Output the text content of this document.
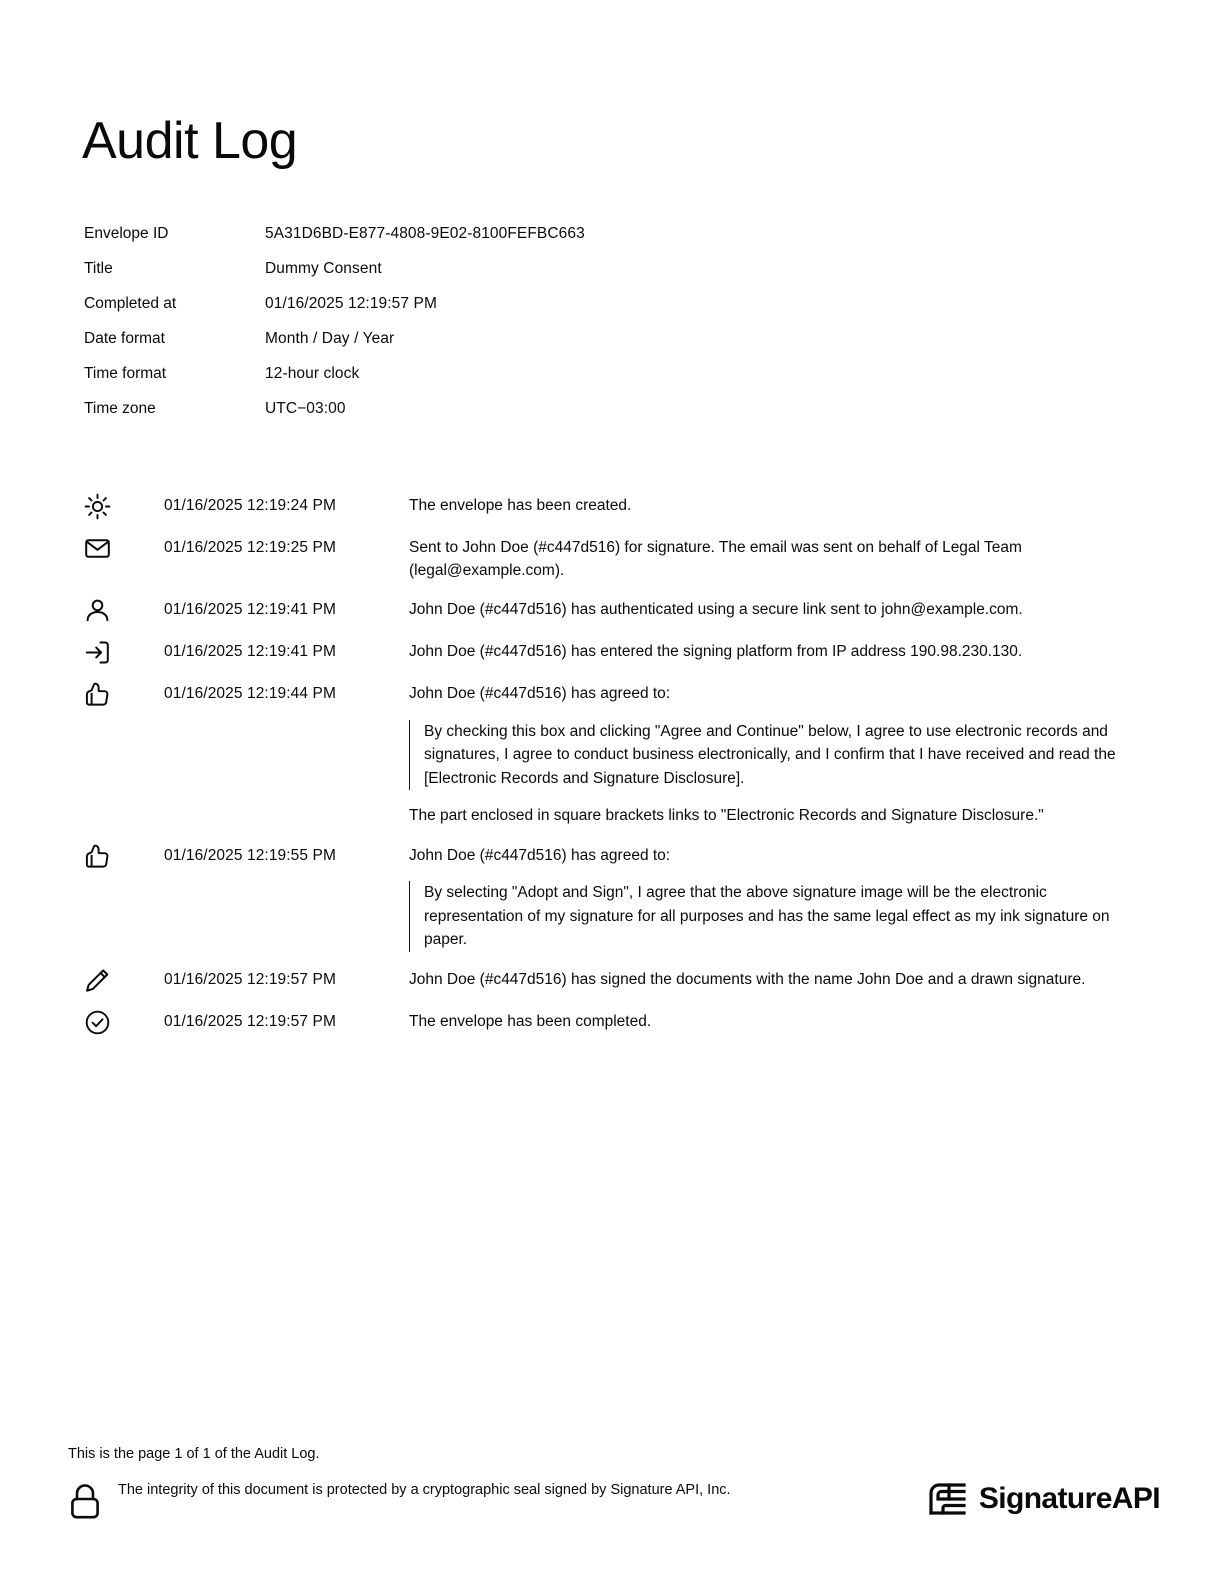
Audit Log
Envelope ID	5A31D6BD-E877-4808-9E02-8100FEFBC663
Title	Dummy Consent
Completed at	01/16/2025 12:19:57 PM
Date format	Month / Day / Year
Time format	12-hour clock
Time zone	UTC−03:00
01/16/2025 12:19:24 PM	The envelope has been created.
01/16/2025 12:19:25 PM	Sent to John Doe (#c447d516) for signature. The email was sent on behalf of Legal Team (legal@example.com).
01/16/2025 12:19:41 PM	John Doe (#c447d516) has authenticated using a secure link sent to john@example.com.
01/16/2025 12:19:41 PM	John Doe (#c447d516) has entered the signing platform from IP address 190.98.230.130.
01/16/2025 12:19:44 PM	John Doe (#c447d516) has agreed to:
By checking this box and clicking "Agree and Continue" below, I agree to use electronic records and signatures, I agree to conduct business electronically, and I confirm that I have received and read the [Electronic Records and Signature Disclosure].
The part enclosed in square brackets links to "Electronic Records and Signature Disclosure."
01/16/2025 12:19:55 PM	John Doe (#c447d516) has agreed to:
By selecting "Adopt and Sign", I agree that the above signature image will be the electronic representation of my signature for all purposes and has the same legal effect as my ink signature on paper.
01/16/2025 12:19:57 PM	John Doe (#c447d516) has signed the documents with the name John Doe and a drawn signature.
01/16/2025 12:19:57 PM	The envelope has been completed.
This is the page 1 of 1 of the Audit Log.
The integrity of this document is protected by a cryptographic seal signed by Signature API, Inc.	SignatureAPI
